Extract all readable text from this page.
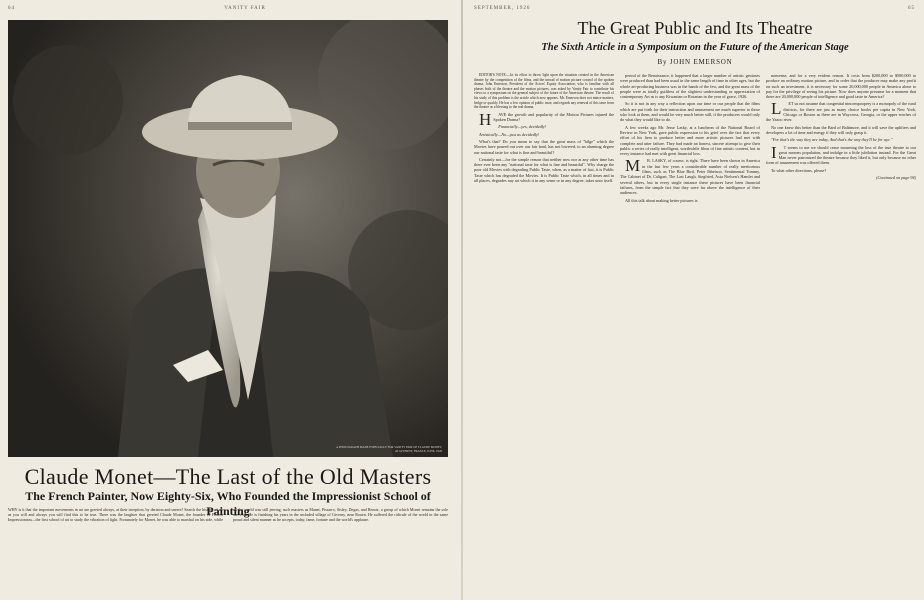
64	VANITY FAIR
A PHOTOGRAPH MADE ESPECIALLY FOR VANITY FAIR OF CLAUDE MONET, AT GIVERNY, FRANCE, JUNE, 1926
Claude Monet—The Last of the Old Masters
The French Painter, Now Eighty-Six, Who Founded the Impressionist School of Painting

WHY is it that the important movements in art are greeted always, at their inception, by derision and sneers? Search the history of art as you will and always you will find this to be true. There was the laughter that greeted Claude Monet, the founder of French Impressionism—the first school of art to study the vibration of light. Fortunately for Monet, he was able to marshal on his side, while all the world was still jeering, such masters as Manet, Pissarro, Sisley, Degas, and Renoir, a group of which Monet remains the sole survivor. He is finishing his years in the secluded village of Giverny, near Rouen. He suffered the ridicule of the world in the same proud and silent manner as he accepts, today, fame, fortune and the world's applause.

SEPTEMBER, 1926	65
The Great Public and Its Theatre
The Sixth Article in a Symposium on the Future of the American Stage
By JOHN EMERSON

EDITOR'S NOTE:—In its effort to throw light upon the situation created in the American theatre by the competition of the films, and the inroad of motion picture control of the spoken drama, John Emerson, President of the Actors' Equity Association, who is familiar with all phases both of the theatre and the motion pictures, was asked by Vanity Fair to contribute his views to a symposium on the general subject of the future of the American theatre. The result of his study of this problem is the article which now appears. Mr. Emerson does not mince matters, hedge or qualify. He has a low opinion of public taste, and regards any renewal of this taste from the theatre as a blessing to the real drama.

H	AVE the growth and popularity of the Motion Pictures injured the Spoken Drama?

Financially—yes, decidedly!

Artistically—No—just as decidedly!

What's that? Do you mean to say that the great mass of "bilge" which the Movies have poured out over our fair land, has not lowered, to an alarming degree our national taste for what is fine and beautiful?

Certainly not—for the simple reason that neither now nor at any other time has there ever been any "national taste for what is fine and beautiful". Why charge the poor old Movies with degrading Public Taste, when, as a matter of fact, it is Public Taste which has degraded the Movies. It is Public Taste which, in all times and in all places, degrades any art which it in any sense or in any degree, takes unto itself.

period of the Renaissance, it happened that a larger number of artistic geniuses were produced than had been usual in the same length of time in other ages, but the whole art-producing business was in the hands of the few, and the great mass of the people were as totally guiltless of the slightest understanding or appreciation of contemporary Art as is any Kiwanian or Rotarian in the year of grace, 1926.

So it is not in any way a reflection upon our time or our people that the films which are put forth for their instruction and amusement are much superior to those who look at them, and would be very much better still, if the producers would only do what they would like to do.

A few weeks ago Mr. Jesse Lasky, at a luncheon of the National Board of Review in New York, gave public expression to his grief over the fact that every effort of his firm to produce better and more artistic pictures had met with complete and utter failure. They had made an honest, sincere attempt to give their public a series of really intelligent, worthwhile films of fine artistic content, but in every instance had met with great financial loss.

M	R. LASKY, of course, is right. There have been shown in America in the last few years a considerable number of really meritorious films, such as The Blue Bird, Peter Ibbetson, Sentimental Tommy, The Cabinet of Dr. Caligari, The Last Laugh, Siegfried, Asta Nielsen's Hamlet and several others, but in every single instance these pictures have been financial failures, from the simple fact that they were far above the intelligence of their audiences.

All this talk about making better pictures is

nonsense, and for a very evident reason. It costs from $200,000 to $500,000 to produce an ordinary motion picture, and in order that the producer may make any profit on such an investment, it is necessary for some 20,000,000 people in America alone to pay for the privilege of seeing his picture. Now does anyone presume for a moment that there are 20,000,000 people of intelligence and good taste in America?

L	ET us not assume that congenital nincompoopery is a monopoly of the rural districts, for there are just as many choice boobs per capita in New York, Chicago or Boston as there are in Waycross, Georgia, or the upper reaches of the Yazoo river.

No one knew this better than the Bard of Baltimore, and it will save the uplifters and developers a lot of time and energy if they will only grasp it.

"For that's the way they are today, And that's the way they'll be for aye."

I	T seems to me we should cease mourning the loss of the true theatre to our great morons population, and indulge in a little jubilation instead. For the Great Man never patronized the theatre because they liked it, but only because no other form of amusement was offered them.

To what other directions, please?

(Continued on page 94)
